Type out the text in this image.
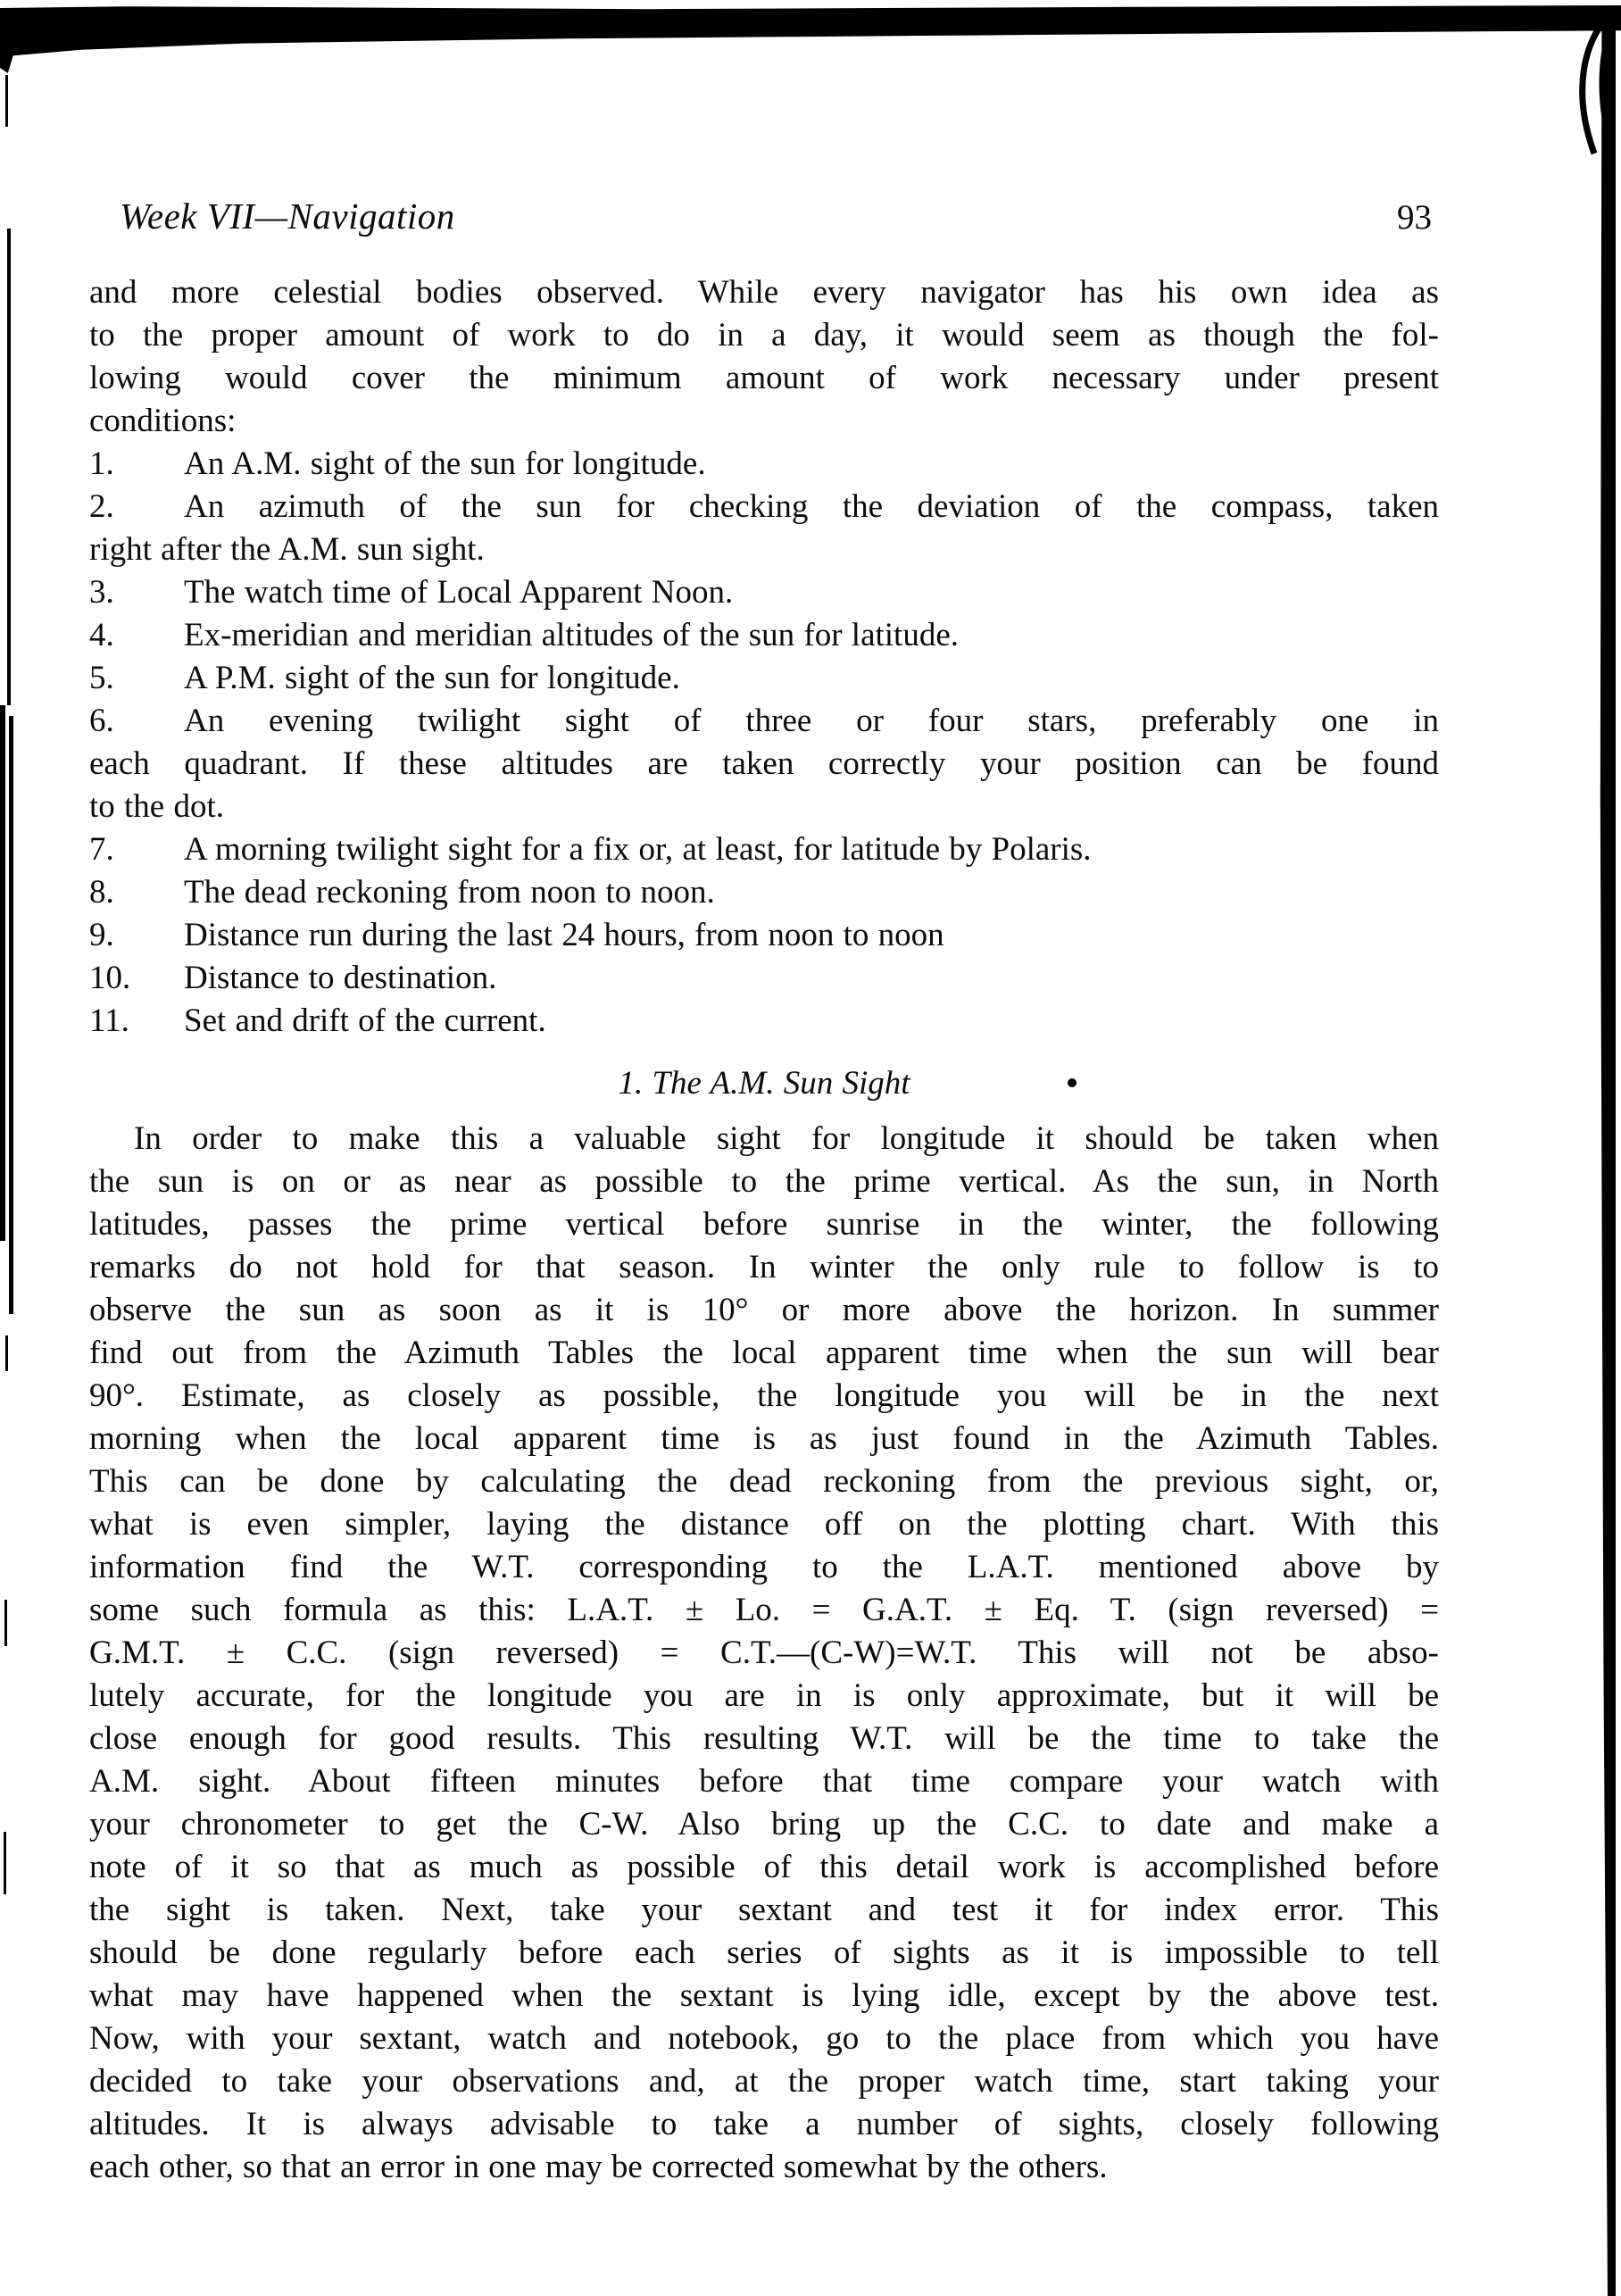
Week VII—Navigation	93
and more celestial bodies observed. While every navigator has his own idea as
to the proper amount of work to do in a day, it would seem as though the fol-
lowing would cover the minimum amount of work necessary under present
conditions:
1. An A.M. sight of the sun for longitude.
2. An azimuth of the sun for checking the deviation of the compass, taken
right after the A.M. sun sight.
3. The watch time of Local Apparent Noon.
4. Ex-meridian and meridian altitudes of the sun for latitude.
5. A P.M. sight of the sun for longitude.
6. An evening twilight sight of three or four stars, preferably one in
each quadrant. If these altitudes are taken correctly your position can be found
to the dot.
7. A morning twilight sight for a fix or, at least, for latitude by Polaris.
8. The dead reckoning from noon to noon.
9. Distance run during the last 24 hours, from noon to noon
10. Distance to destination.
11. Set and drift of the current.
1. The A.M. Sun Sight
In order to make this a valuable sight for longitude it should be taken when
the sun is on or as near as possible to the prime vertical. As the sun, in North
latitudes, passes the prime vertical before sunrise in the winter, the following
remarks do not hold for that season. In winter the only rule to follow is to
observe the sun as soon as it is 10° or more above the horizon. In summer
find out from the Azimuth Tables the local apparent time when the sun will bear
90°. Estimate, as closely as possible, the longitude you will be in the next
morning when the local apparent time is as just found in the Azimuth Tables.
This can be done by calculating the dead reckoning from the previous sight, or,
what is even simpler, laying the distance off on the plotting chart. With this
information find the W.T. corresponding to the L.A.T. mentioned above by
some such formula as this: L.A.T. ± Lo. = G.A.T. ± Eq. T. (sign reversed) =
G.M.T. ± C.C. (sign reversed) = C.T.—(C-W)=W.T. This will not be abso-
lutely accurate, for the longitude you are in is only approximate, but it will be
close enough for good results. This resulting W.T. will be the time to take the
A.M. sight. About fifteen minutes before that time compare your watch with
your chronometer to get the C-W. Also bring up the C.C. to date and make a
note of it so that as much as possible of this detail work is accomplished before
the sight is taken. Next, take your sextant and test it for index error. This
should be done regularly before each series of sights as it is impossible to tell
what may have happened when the sextant is lying idle, except by the above test.
Now, with your sextant, watch and notebook, go to the place from which you have
decided to take your observations and, at the proper watch time, start taking your
altitudes. It is always advisable to take a number of sights, closely following
each other, so that an error in one may be corrected somewhat by the others.
